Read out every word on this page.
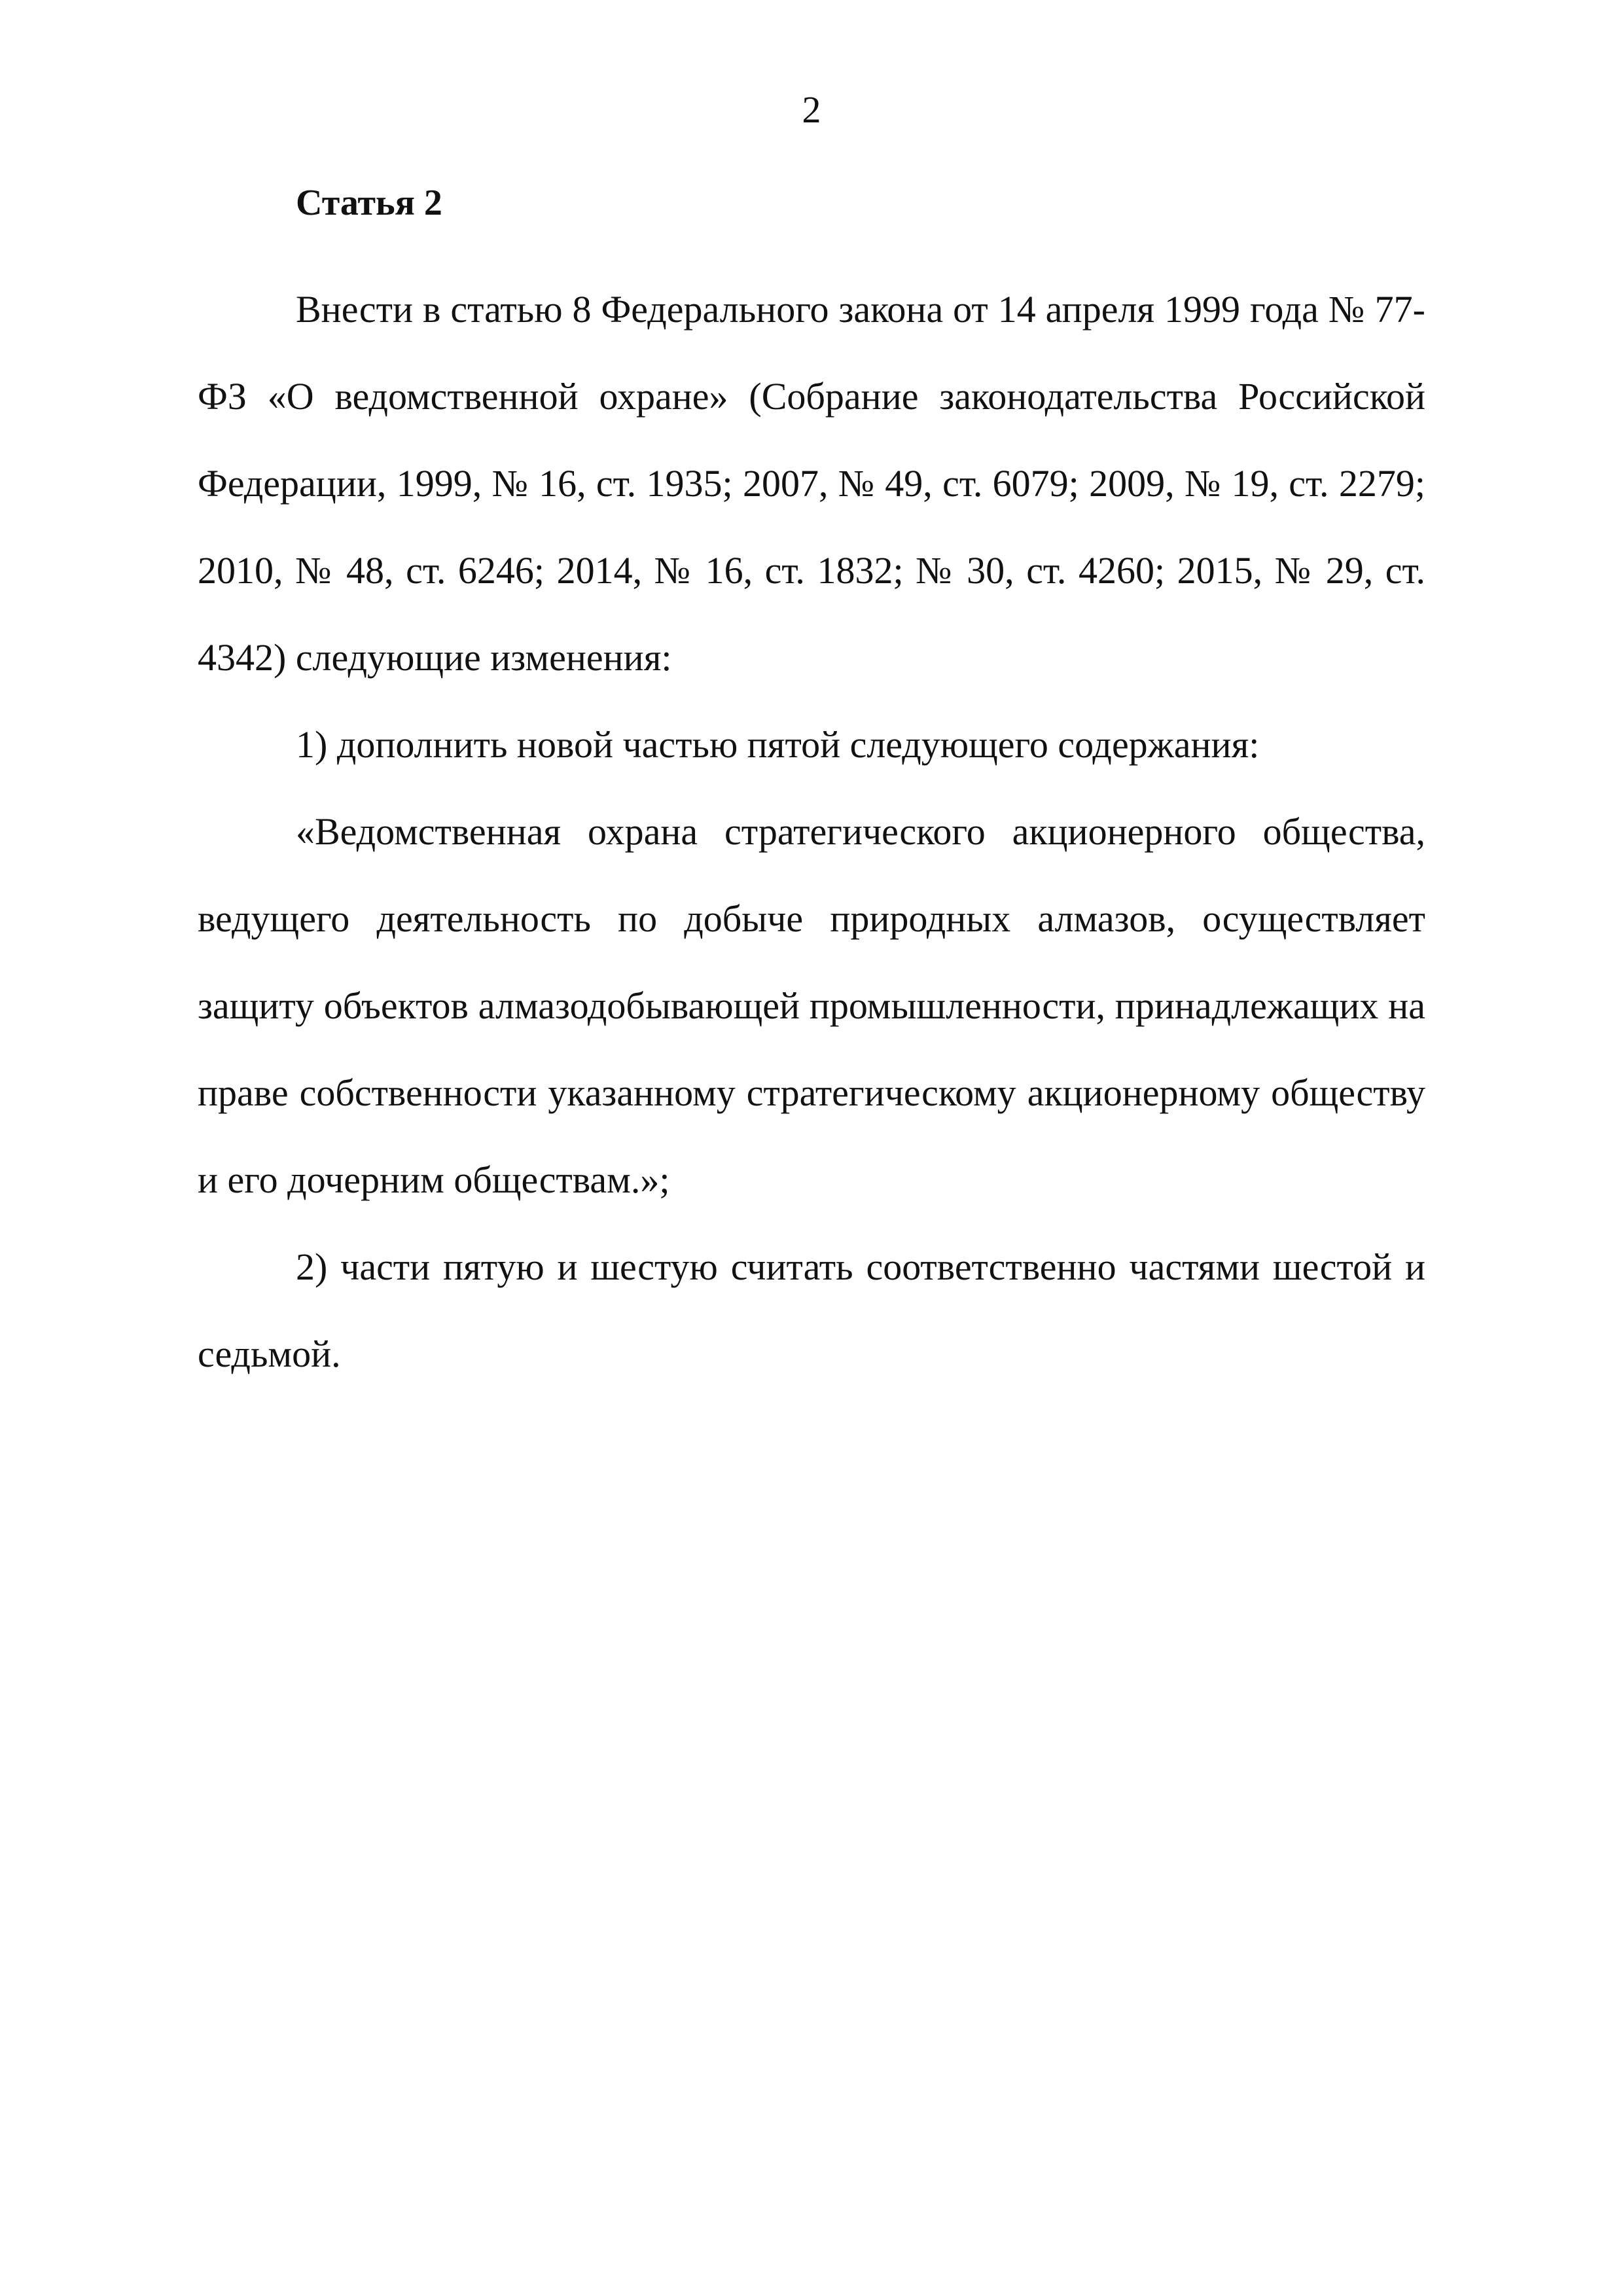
2
Статья 2

Внести в статью 8 Федерального закона от 14 апреля 1999 года № 77-ФЗ «О ведомственной охране» (Собрание законодательства Российской Федерации, 1999, № 16, ст. 1935; 2007, № 49, ст. 6079; 2009, № 19, ст. 2279; 2010, № 48, ст. 6246; 2014, № 16, ст. 1832; № 30, ст. 4260; 2015, № 29, ст. 4342) следующие изменения:

1) дополнить новой частью пятой следующего содержания:

«Ведомственная охрана стратегического акционерного общества, ведущего деятельность по добыче природных алмазов, осуществляет защиту объектов алмазодобывающей промышленности, принадлежащих на праве собственности указанному стратегическому акционерному обществу и его дочерним обществам.»;

2) части пятую и шестую считать соответственно частями шестой и седьмой.
